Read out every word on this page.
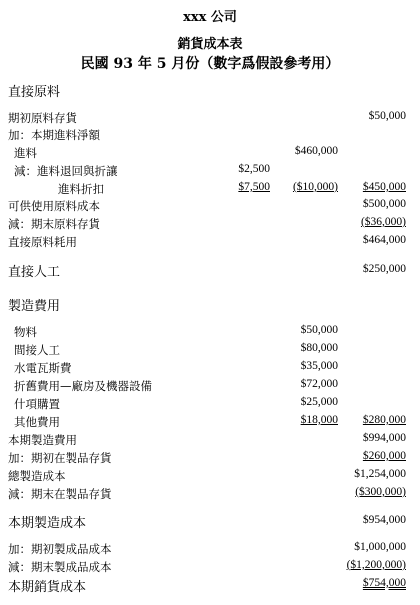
xxx 公司
銷貨成本表
民國 93 年 5 月份（數字爲假設參考用）
直接原料
期初原料存貨	$50,000
加：本期進料淨額
進料	$460,000
減：進料退回與折讓	$2,500
進料折扣	$7,500	($10,000)	$450,000
可供使用原料成本	$500,000
減：期末原料存貨	($36,000)
直接原料耗用	$464,000
直接人工	$250,000
製造費用
物料	$50,000
間接人工	$80,000
水電瓦斯費	$35,000
折舊費用—廠房及機器設備	$72,000
什項購置	$25,000
其他費用	$18,000	$280,000
本期製造費用	$994,000
加：期初在製品存貨	$260,000
總製造成本	$1,254,000
減：期末在製品存貨	($300,000)
本期製造成本	$954,000
加：期初製成品成本	$1,000,000
減：期末製成品成本	($1,200,000)
本期銷貨成本	$754,000
